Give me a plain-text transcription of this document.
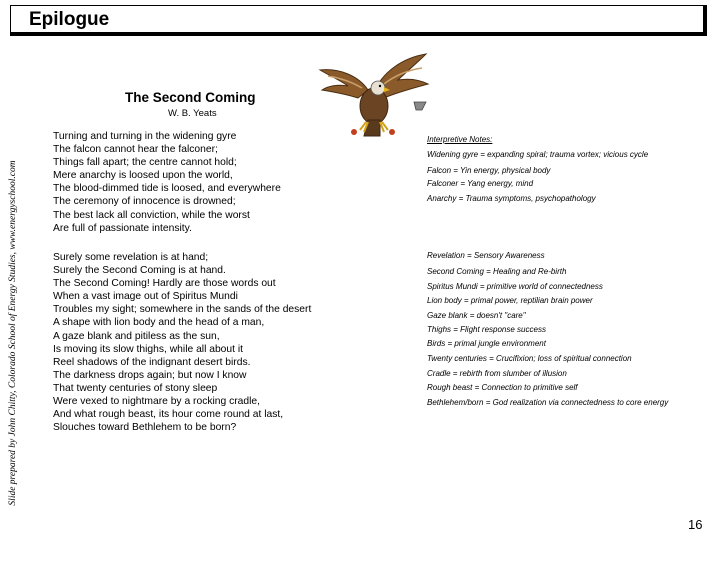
Epilogue
Slide prepared by John Chitty, Colorado School of Energy Studies, www.energyschool.com
The Second Coming
W. B. Yeats
Turning and turning in the widening gyre
The falcon cannot hear the falconer;
Things fall apart; the centre cannot hold;
Mere anarchy is loosed upon the world,
The blood-dimmed tide is loosed, and everywhere
The ceremony of innocence is drowned;
The best lack all conviction, while the worst
Are full of passionate intensity.
Surely some revelation is at hand;
Surely the Second Coming is at hand.
The Second Coming! Hardly are those words out
When a vast image out of Spiritus Mundi
Troubles my sight; somewhere in the sands of the desert
A shape with lion body and the head of a man,
A gaze blank and pitiless as the sun,
Is moving its slow thighs, while all about it
Reel shadows of the indignant desert birds.
The darkness drops again; but now I know
That twenty centuries of stony sleep
Were vexed to nightmare by a rocking cradle,
And what rough beast, its hour come round at last,
Slouches toward Bethlehem to be born?
Interpretive Notes:
Widening gyre = expanding spiral; trauma vortex; vicious cycle
Falcon = Yin energy, physical body
Falconer = Yang energy, mind
Anarchy = Trauma symptoms, psychopathology
Revelation = Sensory Awareness
Second Coming = Healing and Re-birth
Spiritus Mundi = primitive world of connectedness
Lion body = primal power, reptilian brain power
Gaze blank = doesn't "care"
Thighs = Flight response success
Birds = primal jungle environment
Twenty centuries = Crucifixion; loss of spiritual connection
Cradle = rebirth from slumber of illusion
Rough beast = Connection to primitive self
Bethlehem/born = God realization via connectedness to core energy
16
